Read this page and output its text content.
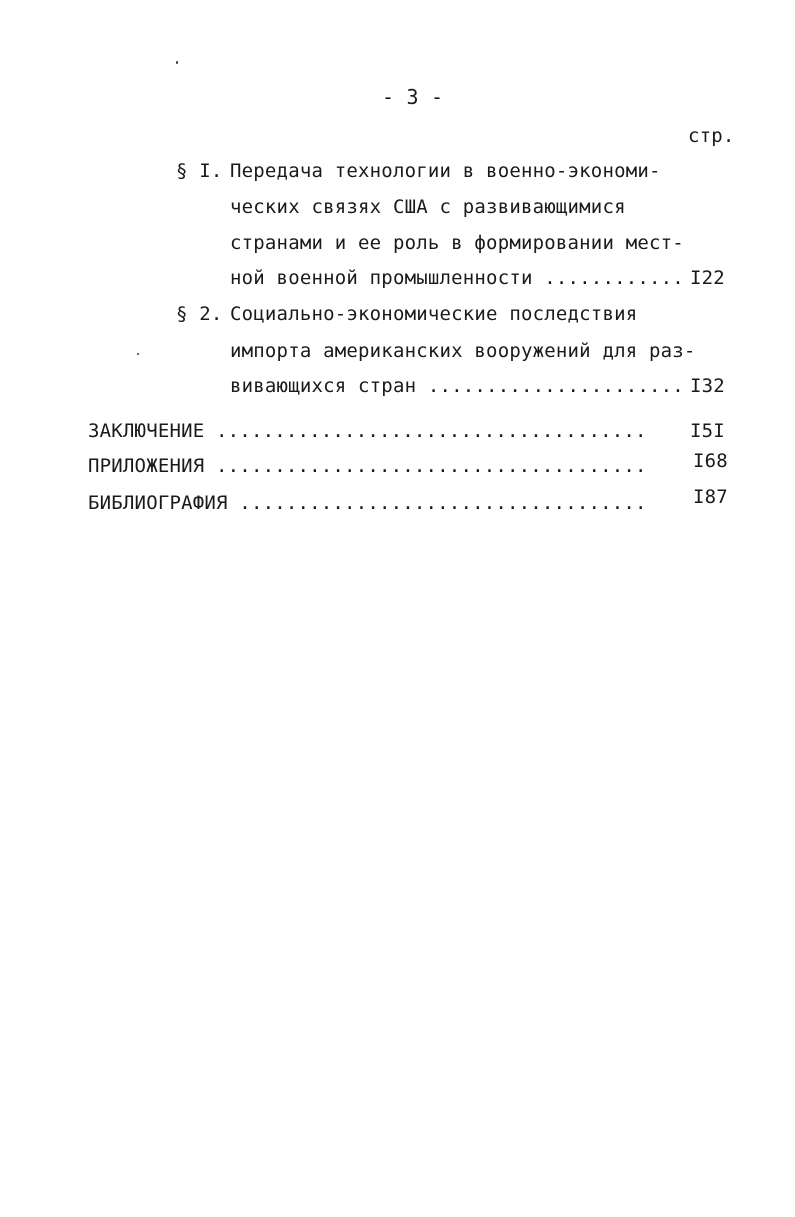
- 3 -
стр.
§ I. Передача технологии в военно-экономи-
ческих связях США с развивающимися
странами и ее роль в формировании мест-
ной военной промышленности ............ I22
§ 2. Социально-экономические последствия
импорта американских вооружений для раз-
вивающихся стран ...................... I32
ЗАКЛЮЧЕНИЕ ..................................... I5I
ПРИЛОЖЕНИЯ ..................................... I68
БИБЛИОГРАФИЯ ................................... I87
